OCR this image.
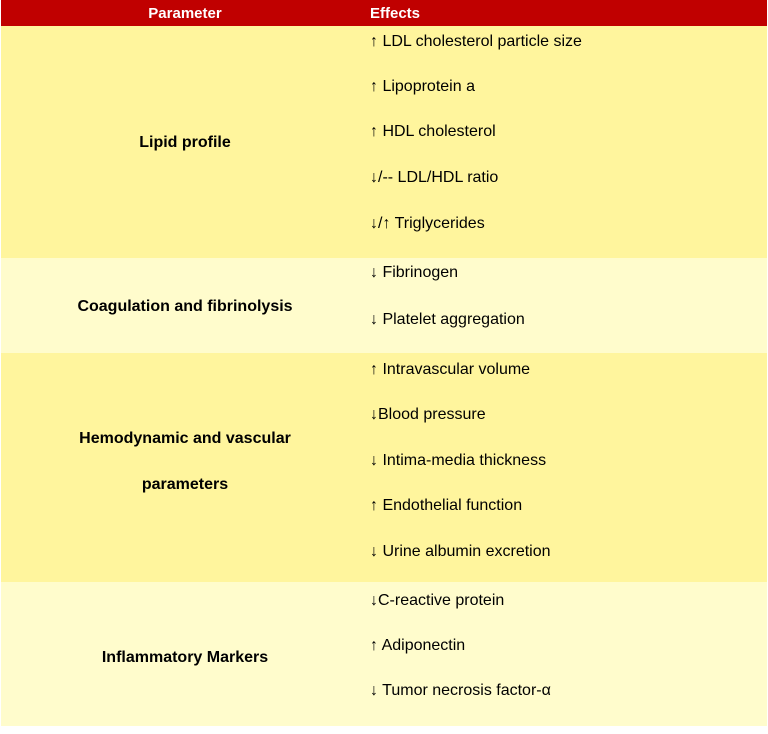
Parameter	Effects
Lipid profile
↑ LDL cholesterol particle size
↑ Lipoprotein a
↑ HDL cholesterol
↓/-- LDL/HDL ratio
↓/↑ Triglycerides
Coagulation and fibrinolysis
↓ Fibrinogen
↓ Platelet aggregation
Hemodynamic and vascular
parameters
↑ Intravascular volume
↓Blood pressure
↓ Intima-media thickness
↑ Endothelial function
↓ Urine albumin excretion
Inflammatory Markers
↓C-reactive protein
↑ Adiponectin
↓ Tumor necrosis factor-α
